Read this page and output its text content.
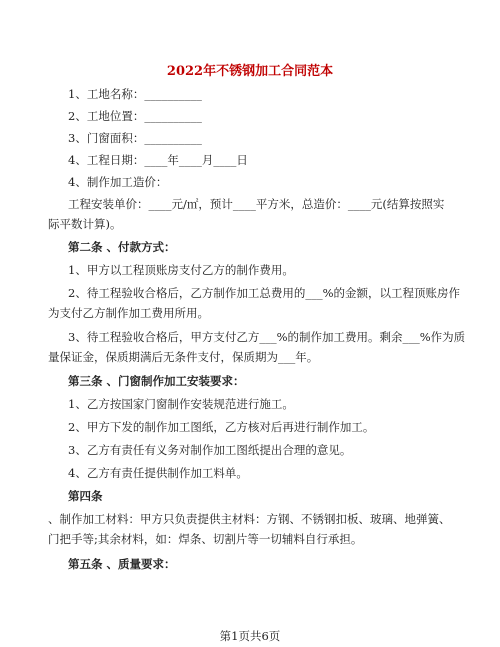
2022年不锈钢加工合同范本
1、工地名称：__________
2、工地位置：__________
3、门窗面积：__________
4、工程日期：____年____月____日
4、制作加工造价：
工程安装单价：____元/㎡，预计____平方米，总造价：____元(结算按照实
际平数计算)。
第二条 、付款方式：
1、甲方以工程顶账房支付乙方的制作费用。
2、待工程验收合格后，乙方制作加工总费用的___%的金额，以工程顶账房作
为支付乙方制作加工费用所用。
3、待工程验收合格后，甲方支付乙方___%的制作加工费用。剩余___%作为质
量保证金，保质期满后无条件支付，保质期为___年。
第三条 、门窗制作加工安装要求：
1、乙方按国家门窗制作安装规范进行施工。
2、甲方下发的制作加工图纸，乙方核对后再进行制作加工。
3、乙方有责任有义务对制作加工图纸提出合理的意见。
4、乙方有责任提供制作加工料单。
第四条
、制作加工材料：甲方只负责提供主材料：方钢、不锈钢扣板、玻璃、地弹簧、
门把手等;其余材料，如：焊条、切割片等一切辅料自行承担。
第五条 、质量要求：
第1页共6页
